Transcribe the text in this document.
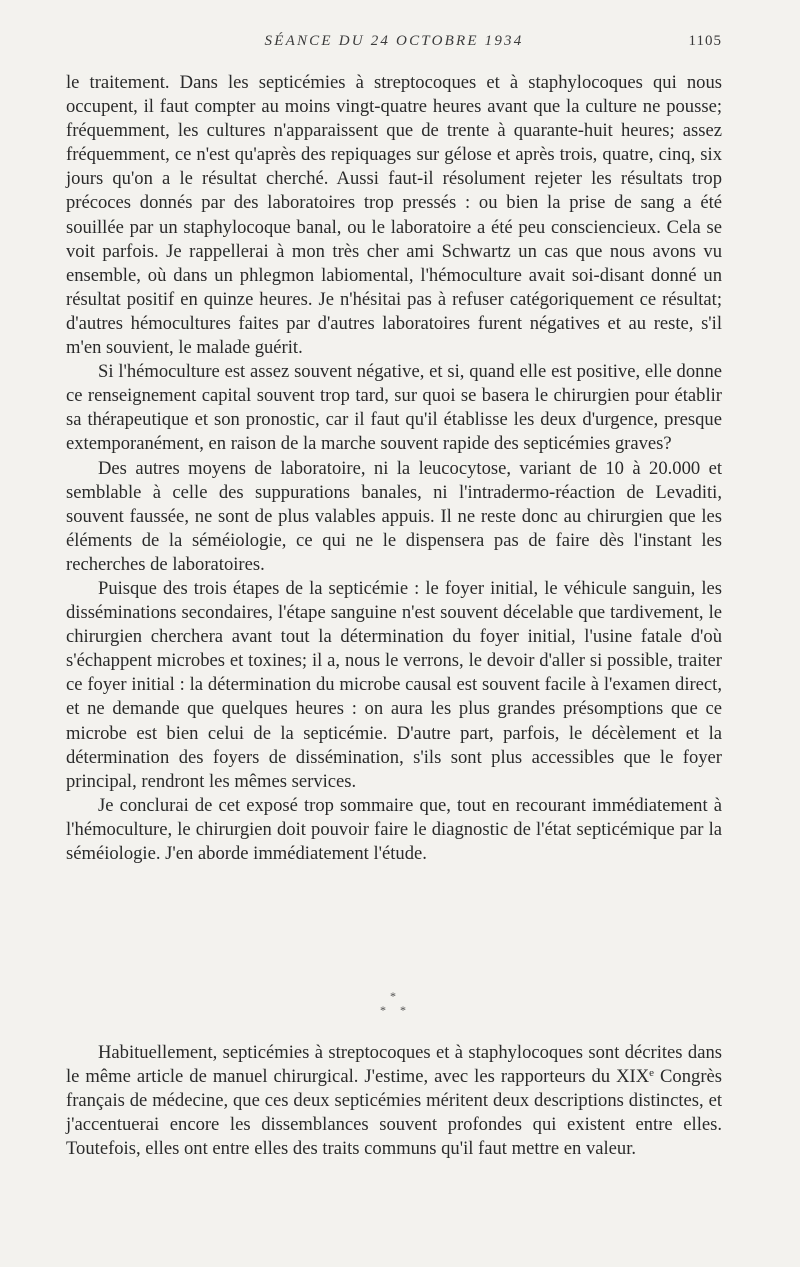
SÉANCE DU 24 OCTOBRE 1934	1105

le traitement. Dans les septicémies à streptocoques et à staphylocoques qui nous occupent, il faut compter au moins vingt-quatre heures avant que la culture ne pousse; fréquemment, les cultures n'apparaissent que de trente à quarante-huit heures; assez fréquemment, ce n'est qu'après des repiquages sur gélose et après trois, quatre, cinq, six jours qu'on a le résultat cherché. Aussi faut-il résolument rejeter les résultats trop précoces donnés par des laboratoires trop pressés : ou bien la prise de sang a été souillée par un staphylocoque banal, ou le laboratoire a été peu consciencieux. Cela se voit parfois. Je rappellerai à mon très cher ami Schwartz un cas que nous avons vu ensemble, où dans un phlegmon labiomental, l'hémoculture avait soi-disant donné un résultat positif en quinze heures. Je n'hésitai pas à refuser catégoriquement ce résultat; d'autres hémocultures faites par d'autres laboratoires furent négatives et au reste, s'il m'en souvient, le malade guérit.

Si l'hémoculture est assez souvent négative, et si, quand elle est positive, elle donne ce renseignement capital souvent trop tard, sur quoi se basera le chirurgien pour établir sa thérapeutique et son pronostic, car il faut qu'il établisse les deux d'urgence, presque extemporanément, en raison de la marche souvent rapide des septicémies graves?

Des autres moyens de laboratoire, ni la leucocytose, variant de 10 à 20.000 et semblable à celle des suppurations banales, ni l'intradermo-réaction de Levaditi, souvent faussée, ne sont de plus valables appuis. Il ne reste donc au chirurgien que les éléments de la séméiologie, ce qui ne le dispensera pas de faire dès l'instant les recherches de laboratoires.

Puisque des trois étapes de la septicémie : le foyer initial, le véhicule sanguin, les disséminations secondaires, l'étape sanguine n'est souvent décelable que tardivement, le chirurgien cherchera avant tout la détermination du foyer initial, l'usine fatale d'où s'échappent microbes et toxines; il a, nous le verrons, le devoir d'aller si possible, traiter ce foyer initial : la détermination du microbe causal est souvent facile à l'examen direct, et ne demande que quelques heures : on aura les plus grandes présomptions que ce microbe est bien celui de la septicémie. D'autre part, parfois, le décèlement et la détermination des foyers de dissémination, s'ils sont plus accessibles que le foyer principal, rendront les mêmes services.

Je conclurai de cet exposé trop sommaire que, tout en recourant immédiatement à l'hémoculture, le chirurgien doit pouvoir faire le diagnostic de l'état septicémique par la séméiologie. J'en aborde immédiatement l'étude.

*
* *

Habituellement, septicémies à streptocoques et à staphylocoques sont décrites dans le même article de manuel chirurgical. J'estime, avec les rapporteurs du XIXe Congrès français de médecine, que ces deux septicémies méritent deux descriptions distinctes, et j'accentuerai encore les dissemblances souvent profondes qui existent entre elles. Toutefois, elles ont entre elles des traits communs qu'il faut mettre en valeur.
